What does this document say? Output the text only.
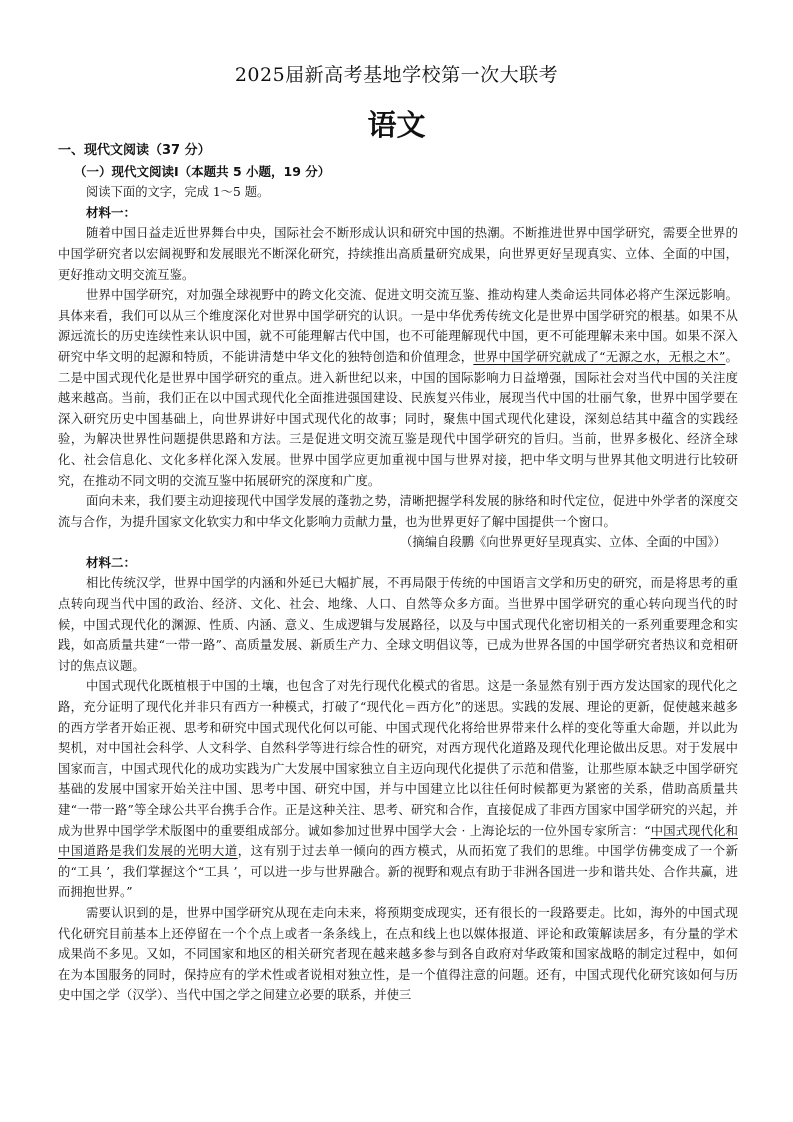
2025届新高考基地学校第一次大联考
语文

一、现代文阅读（37 分）

（一）现代文阅读Ⅰ（本题共 5 小题，19 分）

阅读下面的文字，完成 1～5 题。

材料一：

随着中国日益走近世界舞台中央，国际社会不断形成认识和研究中国的热潮。不断推进世界中国学研究，需要全世界的中国学研究者以宏阔视野和发展眼光不断深化研究，持续推出高质量研究成果，向世界更好呈现真实、立体、全面的中国，更好推动文明交流互鉴。

世界中国学研究，对加强全球视野中的跨文化交流、促进文明交流互鉴、推动构建人类命运共同体必将产生深远影响。具体来看，我们可以从三个维度深化对世界中国学研究的认识。一是中华优秀传统文化是世界中国学研究的根基。如果不从源远流长的历史连续性来认识中国，就不可能理解古代中国，也不可能理解现代中国，更不可能理解未来中国。如果不深入研究中华文明的起源和特质，不能讲清楚中华文化的独特创造和价值理念，世界中国学研究就成了“无源之水，无根之木”。二是中国式现代化是世界中国学研究的重点。进入新世纪以来，中国的国际影响力日益增强，国际社会对当代中国的关注度越来越高。当前，我们正在以中国式现代化全面推进强国建设、民族复兴伟业，展现当代中国的壮丽气象，世界中国学要在深入研究历史中国基础上，向世界讲好中国式现代化的故事；同时，聚焦中国式现代化建设，深刻总结其中蕴含的实践经验，为解决世界性问题提供思路和方法。三是促进文明交流互鉴是现代中国学研究的旨归。当前，世界多极化、经济全球化、社会信息化、文化多样化深入发展。世界中国学应更加重视中国与世界对接，把中华文明与世界其他文明进行比较研究，在推动不同文明的交流互鉴中拓展研究的深度和广度。

面向未来，我们要主动迎接现代中国学发展的蓬勃之势，清晰把握学科发展的脉络和时代定位，促进中外学者的深度交流与合作，为提升国家文化软实力和中华文化影响力贡献力量，也为世界更好了解中国提供一个窗口。

（摘编自段鹏《向世界更好呈现真实、立体、全面的中国》）

材料二：

相比传统汉学，世界中国学的内涵和外延已大幅扩展，不再局限于传统的中国语言文学和历史的研究，而是将思考的重点转向现当代中国的政治、经济、文化、社会、地缘、人口、自然等众多方面。当世界中国学研究的重心转向现当代的时候，中国式现代化的渊源、性质、内涵、意义、生成逻辑与发展路径，以及与中国式现代化密切相关的一系列重要理念和实践，如高质量共建“一带一路”、高质量发展、新质生产力、全球文明倡议等，已成为世界各国的中国学研究者热议和竞相研讨的焦点议题。

中国式现代化既植根于中国的土壤，也包含了对先行现代化模式的省思。这是一条显然有别于西方发达国家的现代化之路，充分证明了现代化并非只有西方一种模式，打破了“现代化＝西方化”的迷思。实践的发展、理论的更新，促使越来越多的西方学者开始正视、思考和研究中国式现代化何以可能、中国式现代化将给世界带来什么样的变化等重大命题，并以此为契机，对中国社会科学、人文科学、自然科学等进行综合性的研究，对西方现代化道路及现代化理论做出反思。对于发展中国家而言，中国式现代化的成功实践为广大发展中国家独立自主迈向现代化提供了示范和借鉴，让那些原本缺乏中国学研究基础的发展中国家开始关注中国、思考中国、研究中国，并与中国建立比以往任何时候都更为紧密的关系，借助高质量共建“一带一路”等全球公共平台携手合作。正是这种关注、思考、研究和合作，直接促成了非西方国家中国学研究的兴起，并成为世界中国学学术版图中的重要组成部分。诚如参加过世界中国学大会 · 上海论坛的一位外国专家所言：“中国式现代化和中国道路是我们发展的光明大道，这有别于过去单一倾向的西方模式，从而拓宽了我们的思维。中国学仿佛变成了一个新的“工具 ’，我们掌握这个“工具 ’，可以进一步与世界融合。新的视野和观点有助于非洲各国进一步和谐共处、合作共赢，进而拥抱世界。”

需要认识到的是，世界中国学研究从现在走向未来，将预期变成现实，还有很长的一段路要走。比如，海外的中国式现代化研究目前基本上还停留在一个个点上或者一条条线上，在点和线上也以媒体报道、评论和政策解读居多，有分量的学术成果尚不多见。又如，不同国家和地区的相关研究者现在越来越多参与到各自政府对华政策和国家战略的制定过程中，如何在为本国服务的同时，保持应有的学术性或者说相对独立性，是一个值得注意的问题。还有，中国式现代化研究该如何与历史中国之学（汉学）、当代中国之学之间建立必要的联系，并使三
